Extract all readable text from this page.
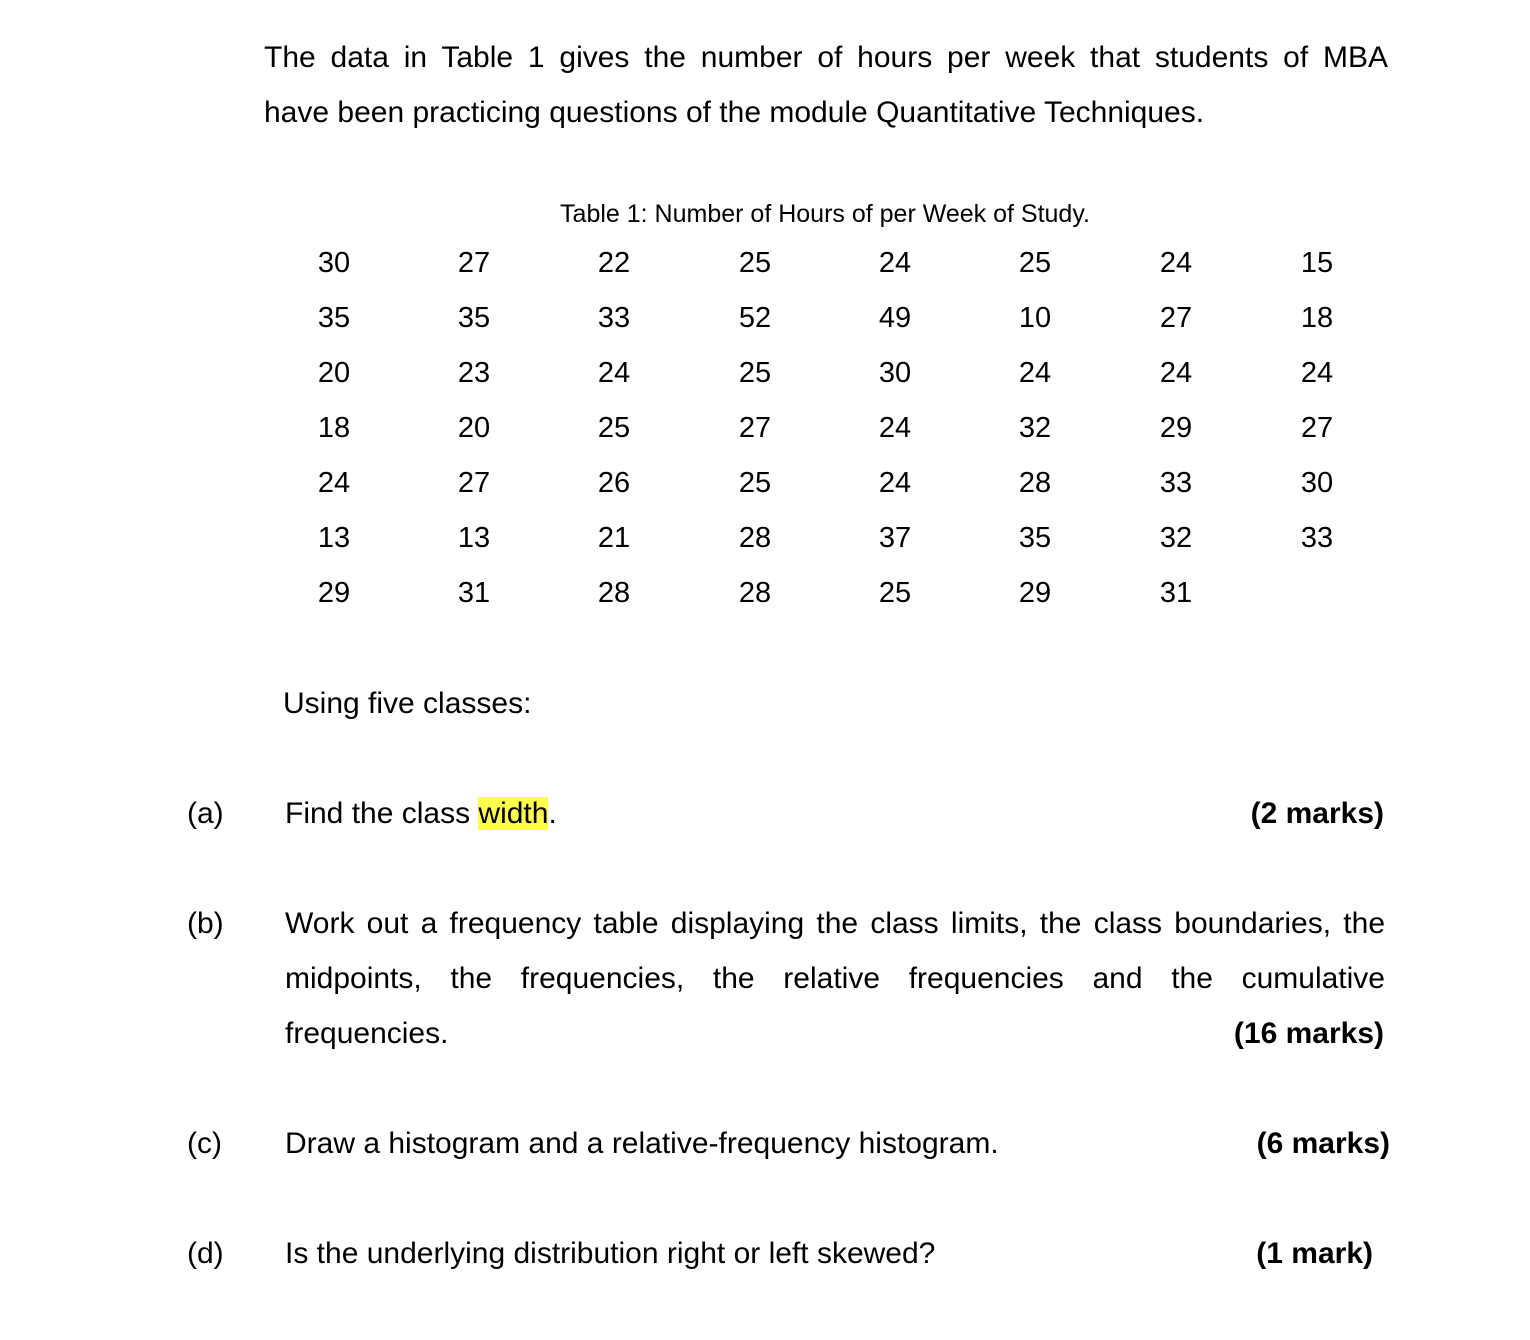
The data in Table 1 gives the number of hours per week that students of MBA
have been practicing questions of the module Quantitative Techniques.
Table 1: Number of Hours of per Week of Study.
30	27	22	25	24	25	24	15
35	35	33	52	49	10	27	18
20	23	24	25	30	24	24	24
18	20	25	27	24	32	29	27
24	27	26	25	24	28	33	30
13	13	21	28	37	35	32	33
29	31	28	28	25	29	31
Using five classes:
(a) Find the class width.	(2 marks)
(b) Work out a frequency table displaying the class limits, the class boundaries, the
midpoints, the frequencies, the relative frequencies and the cumulative
frequencies.	(16 marks)
(c) Draw a histogram and a relative-frequency histogram.	(6 marks)
(d) Is the underlying distribution right or left skewed?	(1 mark)
